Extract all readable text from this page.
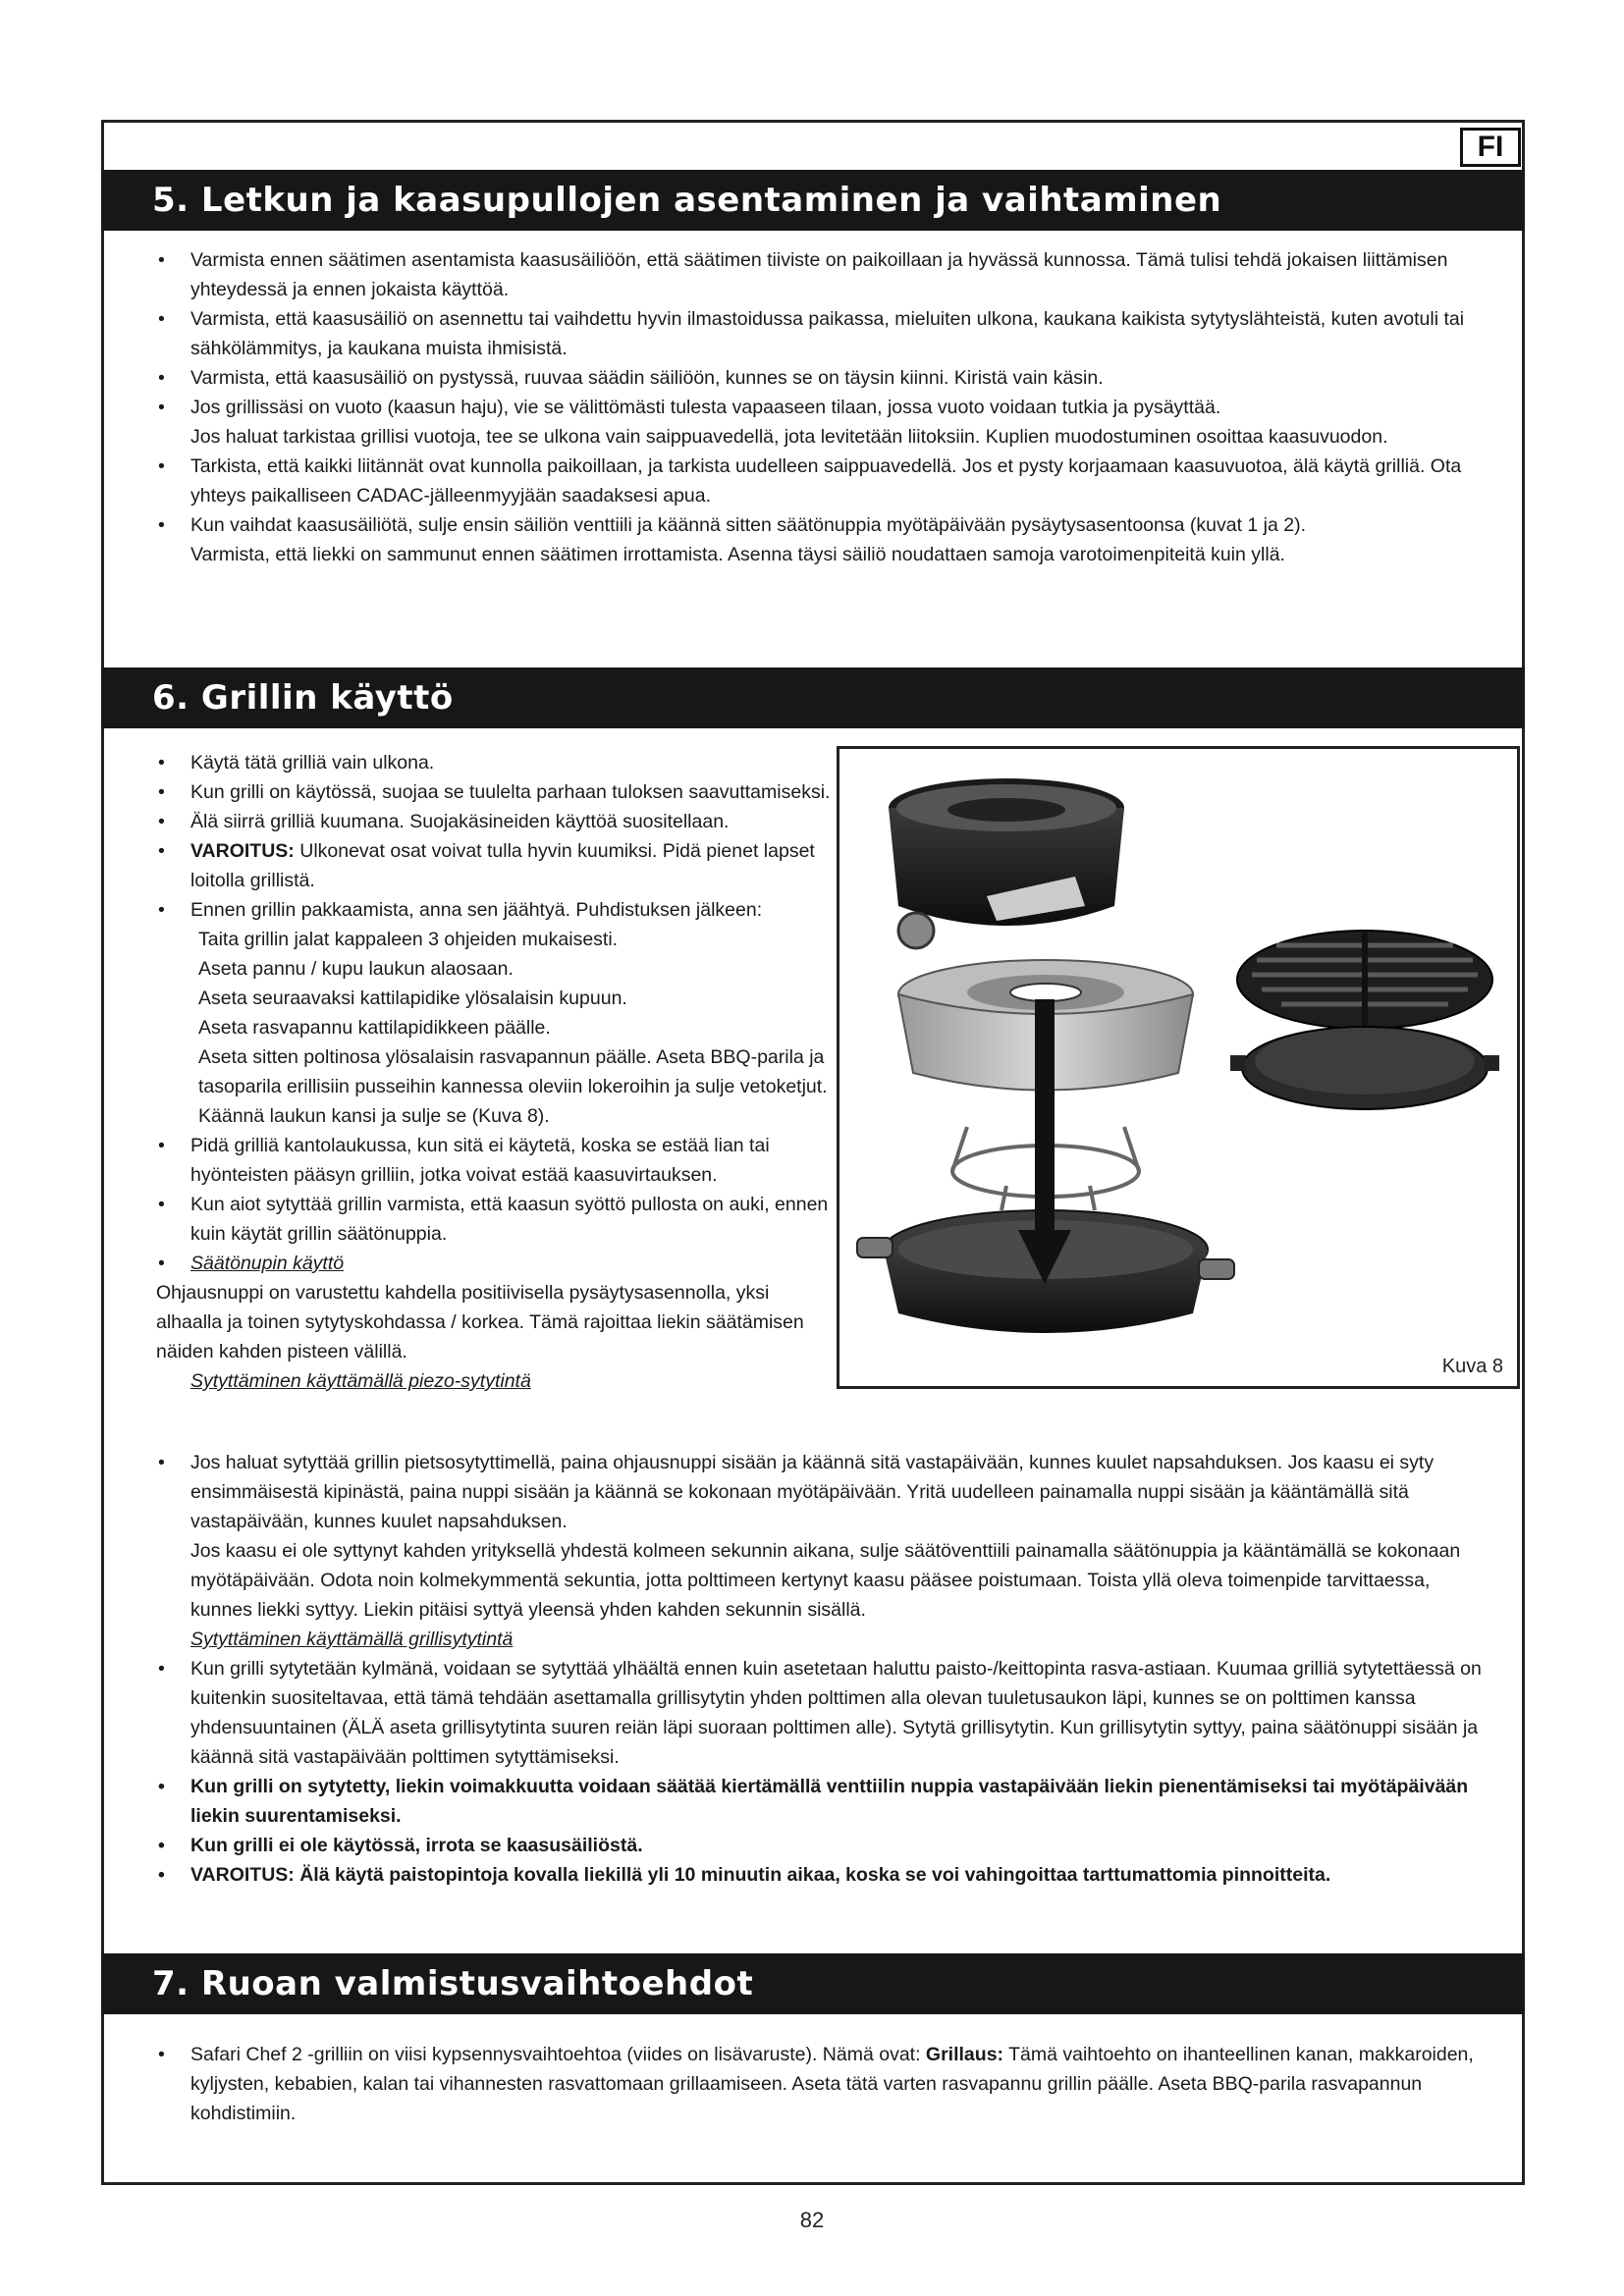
FI
5. Letkun ja kaasupullojen asentaminen ja vaihtaminen
• Varmista ennen säätimen asentamista kaasusäiliöön, että säätimen tiiviste on paikoillaan ja hyvässä kunnossa. Tämä tulisi tehdä jokaisen liittämisen yhteydessä ja ennen jokaista käyttöä.
• Varmista, että kaasusäiliö on asennettu tai vaihdettu hyvin ilmastoidussa paikassa, mieluiten ulkona, kaukana kaikista sytytyslähteistä, kuten avotuli tai sähkölämmitys, ja kaukana muista ihmisistä.
• Varmista, että kaasusäiliö on pystyssä, ruuvaa säädin säiliöön, kunnes se on täysin kiinni. Kiristä vain käsin.
• Jos grillissäsi on vuoto (kaasun haju), vie se välittömästi tulesta vapaaseen tilaan, jossa vuoto voidaan tutkia ja pysäyttää.
Jos haluat tarkistaa grillisi vuotoja, tee se ulkona vain saippuavedellä, jota levitetään liitoksiin. Kuplien muodostuminen osoittaa kaasuvuodon.
• Tarkista, että kaikki liitännät ovat kunnolla paikoillaan, ja tarkista uudelleen saippuavedellä. Jos et pysty korjaamaan kaasuvuotoa, älä käytä grilliä. Ota yhteys paikalliseen CADAC-jälleenmyyjään saadaksesi apua.
• Kun vaihdat kaasusäiliötä, sulje ensin säiliön venttiili ja käännä sitten säätönuppia myötäpäivään pysäytysasentoonsa (kuvat 1 ja 2).
Varmista, että liekki on sammunut ennen säätimen irrottamista. Asenna täysi säiliö noudattaen samoja varotoimenpiteitä kuin yllä.
6. Grillin käyttö
• Käytä tätä grilliä vain ulkona.
• Kun grilli on käytössä, suojaa se tuulelta parhaan tuloksen saavuttamiseksi.
• Älä siirrä grilliä kuumana. Suojakäsineiden käyttöä suositellaan.
• VAROITUS: Ulkonevat osat voivat tulla hyvin kuumiksi. Pidä pienet lapset loitolla grillistä.
• Ennen grillin pakkaamista, anna sen jäähtyä. Puhdistuksen jälkeen:
Taita grillin jalat kappaleen 3 ohjeiden mukaisesti.
Aseta pannu / kupu laukun alaosaan.
Aseta seuraavaksi kattilapidike ylösalaisin kupuun.
Aseta rasvapannu kattilapidikkeen päälle.
Aseta sitten poltinosa ylösalaisin rasvapannun päälle. Aseta BBQ-parila ja tasoparila erillisiin pusseihin kannessa oleviin lokeroihin ja sulje vetoketjut.
Käännä laukun kansi ja sulje se (Kuva 8).
• Pidä grilliä kantolaukussa, kun sitä ei käytetä, koska se estää lian tai hyönteisten pääsyn grilliin, jotka voivat estää kaasuvirtauksen.
• Kun aiot sytyttää grillin varmista, että kaasun syöttö pullosta on auki, ennen kuin käytät grillin säätönuppia.
• Säätönupin käyttö
Ohjausnuppi on varustettu kahdella positiivisella pysäytysasennolla, yksi alhaalla ja toinen sytytyskohdassa / korkea. Tämä rajoittaa liekin säätämisen näiden kahden pisteen välillä.
Sytyttäminen käyttämällä piezo-sytytintä
• Jos haluat sytyttää grillin pietsosytyttimellä, paina ohjausnuppi sisään ja käännä sitä vastapäivään, kunnes kuulet napsahduksen. Jos kaasu ei syty ensimmäisestä kipinästä, paina nuppi sisään ja käännä se kokonaan myötäpäivään. Yritä uudelleen painamalla nuppi sisään ja kääntämällä sitä vastapäivään, kunnes kuulet napsahduksen.
Jos kaasu ei ole syttynyt kahden yrityksellä yhdestä kolmeen sekunnin aikana, sulje säätöventtiili painamalla säätönuppia ja kääntämällä se kokonaan myötäpäivään. Odota noin kolmekymmentä sekuntia, jotta polttimeen kertynyt kaasu pääsee poistumaan. Toista yllä oleva toimenpide tarvittaessa, kunnes liekki syttyy. Liekin pitäisi syttyä yleensä yhden kahden sekunnin sisällä.
Sytyttäminen käyttämällä grillisytytintä
• Kun grilli sytytetään kylmänä, voidaan se sytyttää ylhäältä ennen kuin asetetaan haluttu paisto-/keittopinta rasva-astiaan. Kuumaa grilliä sytytettäessä on kuitenkin suositeltavaa, että tämä tehdään asettamalla grillisytytin yhden polttimen alla olevan tuuletusaukon läpi, kunnes se on polttimen kanssa yhdensuuntainen (ÄLÄ aseta grillisytytinta suuren reiän läpi suoraan polttimen alle). Sytytä grillisytytin. Kun grillisytytin syttyy, paina säätönuppi sisään ja käännä sitä vastapäivään polttimen sytyttämiseksi.
• Kun grilli on sytytetty, liekin voimakkuutta voidaan säätää kiertämällä venttiilin nuppia vastapäivään liekin pienentämiseksi tai myötäpäivään liekin suurentamiseksi.
• Kun grilli ei ole käytössä, irrota se kaasusäiliöstä.
• VAROITUS: Älä käytä paistopintoja kovalla liekillä yli 10 minuutin aikaa, koska se voi vahingoittaa tarttumattomia pinnoitteita.
Kuva 8
7. Ruoan valmistusvaihtoehdot
• Safari Chef 2 -grilliin on viisi kypsennysvaihtoehtoa (viides on lisävaruste). Nämä ovat: Grillaus: Tämä vaihtoehto on ihanteellinen kanan, makkaroiden, kyljysten, kebabien, kalan tai vihannesten rasvattomaan grillaamiseen. Aseta tätä varten rasvapannu grillin päälle. Aseta BBQ-parila rasvapannun kohdistimiin.
82
